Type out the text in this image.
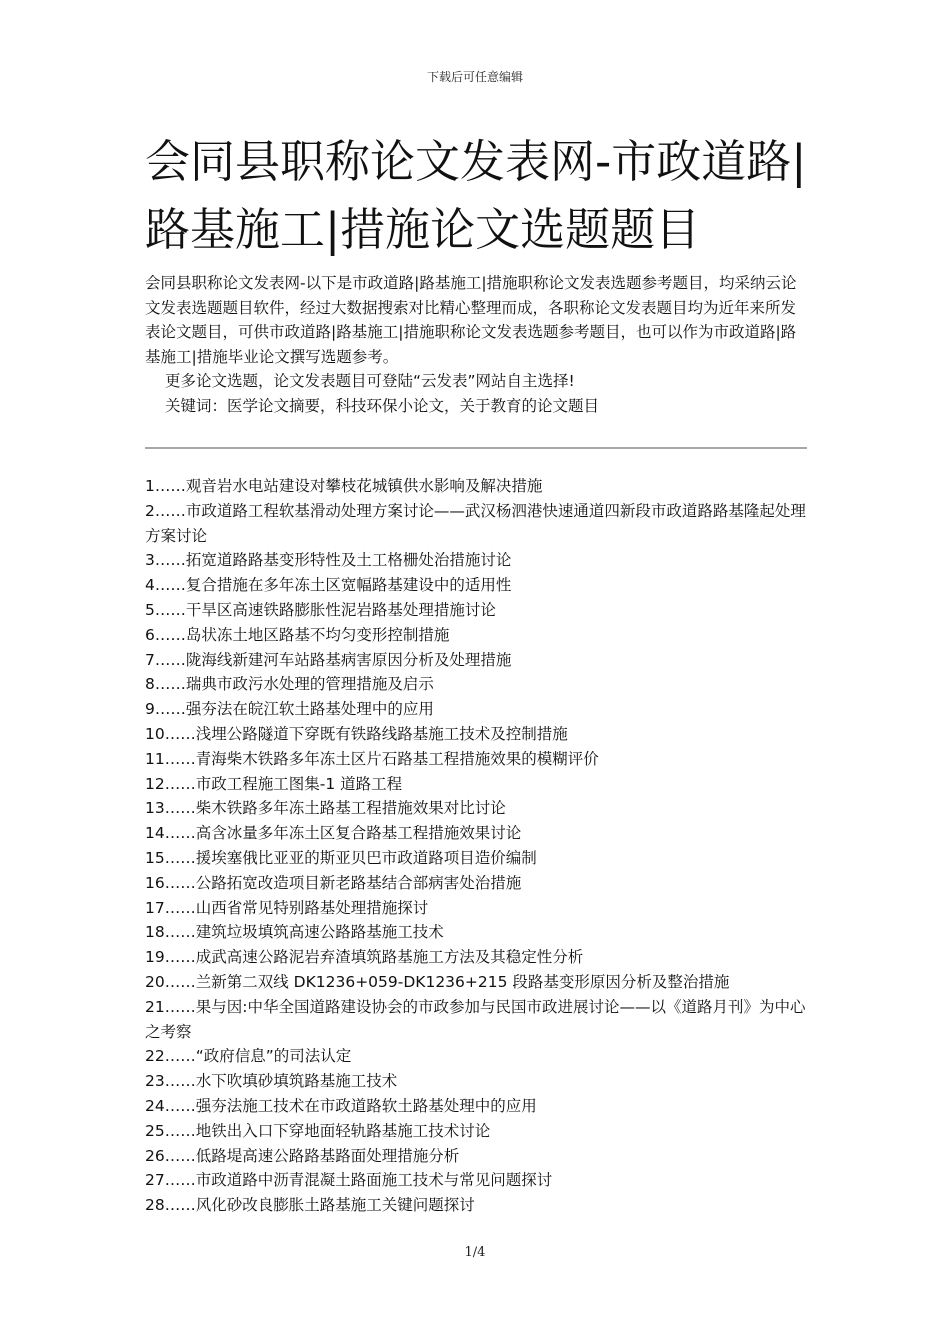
下载后可任意编辑
会同县职称论文发表网-市政道路|路基施工|措施论文选题题目

会同县职称论文发表网-以下是市政道路|路基施工|措施职称论文发表选题参考题目，均采纳云论文发表选题题目软件，经过大数据搜索对比精心整理而成，各职称论文发表题目均为近年来所发表论文题目，可供市政道路|路基施工|措施职称论文发表选题参考题目，也可以作为市政道路|路基施工|措施毕业论文撰写选题参考。

更多论文选题，论文发表题目可登陆“云发表”网站自主选择!

关键词：医学论文摘要，科技环保小论文，关于教育的论文题目

1……观音岩水电站建设对攀枝花城镇供水影响及解决措施
2……市政道路工程软基滑动处理方案讨论——武汉杨泗港快速通道四新段市政道路路基隆起处理方案讨论
3……拓宽道路路基变形特性及土工格栅处治措施讨论
4……复合措施在多年冻土区宽幅路基建设中的适用性
5……干旱区高速铁路膨胀性泥岩路基处理措施讨论
6……岛状冻土地区路基不均匀变形控制措施
7……陇海线新建河车站路基病害原因分析及处理措施
8……瑞典市政污水处理的管理措施及启示
9……强夯法在皖江软土路基处理中的应用
10……浅埋公路隧道下穿既有铁路线路基施工技术及控制措施
11……青海柴木铁路多年冻土区片石路基工程措施效果的模糊评价
12……市政工程施工图集-1 道路工程
13……柴木铁路多年冻土路基工程措施效果对比讨论
14……高含冰量多年冻土区复合路基工程措施效果讨论
15……援埃塞俄比亚亚的斯亚贝巴市政道路项目造价编制
16……公路拓宽改造项目新老路基结合部病害处治措施
17……山西省常见特别路基处理措施探讨
18……建筑垃圾填筑高速公路路基施工技术
19……成武高速公路泥岩弃渣填筑路基施工方法及其稳定性分析
20……兰新第二双线 DK1236+059-DK1236+215 段路基变形原因分析及整治措施
21……果与因:中华全国道路建设协会的市政参加与民国市政进展讨论——以《道路月刊》为中心之考察
22……“政府信息”的司法认定
23……水下吹填砂填筑路基施工技术
24……强夯法施工技术在市政道路软土路基处理中的应用
25……地铁出入口下穿地面轻轨路基施工技术讨论
26……低路堤高速公路路基路面处理措施分析
27……市政道路中沥青混凝土路面施工技术与常见问题探讨
28……风化砂改良膨胀土路基施工关键问题探讨
1/4
